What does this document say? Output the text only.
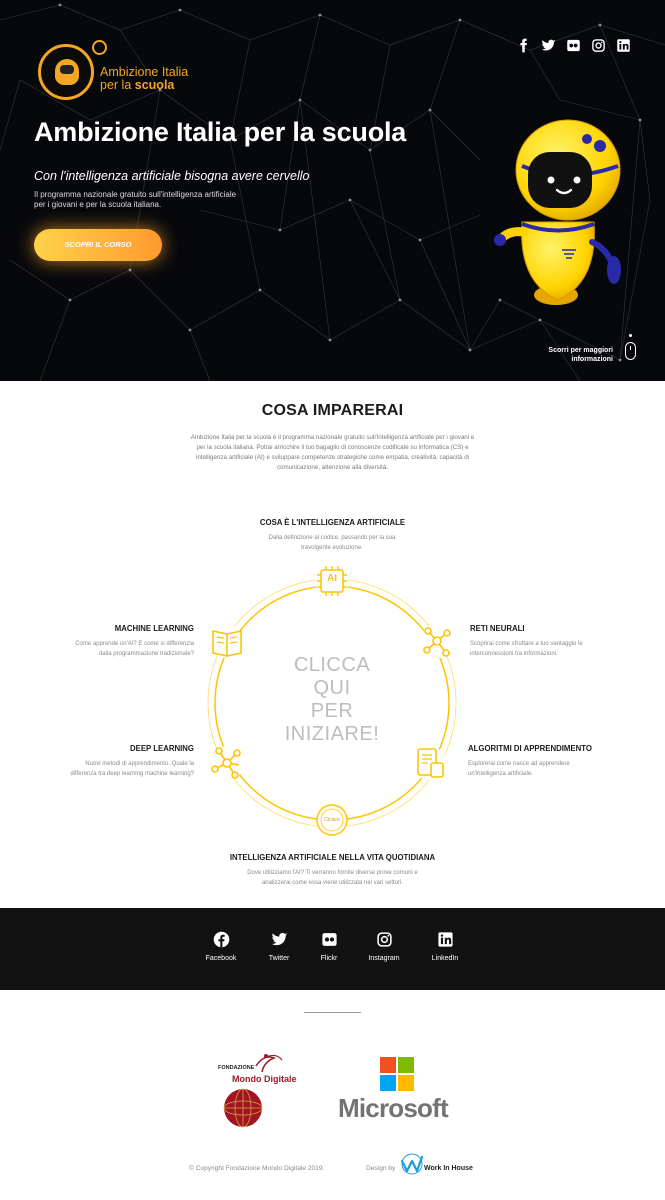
Ambizione Italia
per la scuola
Ambizione Italia per la scuola
Con l'intelligenza artificiale bisogna avere cervello
Il programma nazionale gratuito sull'intelligenza artificiale per i giovani e per la scuola italiana.
SCOPRI IL CORSO
Scorri per maggiori
informazioni
COSA IMPARERAI

Ambizione Italia per la scuola è il programma nazionale gratuito sull'intelligenza artificiale per i giovani e per la scuola italiana. Potrai arricchire il tuo bagaglio di conoscenze codificate su informatica (CS) e intelligenza artificiale (AI) e sviluppare competenze strategiche come empatia, creatività, capacità di comunicazione, attenzione alla diversità.

AI
Ciclare
CLICCA
QUI
PER
INIZIARE!
COSA È L'INTELLIGENZA ARTIFICIALE
Dalla definizione al codice, passando per la sua travolgente evoluzione.
MACHINE LEARNING
Come apprende un'AI? E come si differenzia dalla programmazione tradizionale?
RETI NEURALI
Scoprirai come sfruttare a tuo vantaggio le interconnessioni tra informazioni.
DEEP LEARNING
Nuovi metodi di apprendimento. Quale la differenza tra deep learning machine learning?
ALGORITMI DI APPRENDIMENTO
Esplorerai come nasce ad apprendere un'intelligenza artificiale.
INTELLIGENZA ARTIFICIALE NELLA VITA QUOTIDIANA
Dove utilizziamo l'AI? Ti verranno fornite diverse prove comuni e analizzerai come essa viene utilizzata nei vari settori.
Facebook	Twitter	Flickr	Instagram	LinkedIn
FONDAZIONE
Mondo Digitale
Microsoft
© Copyright Fondazione Mondo Digitale 2019.	Design by	Work In House
